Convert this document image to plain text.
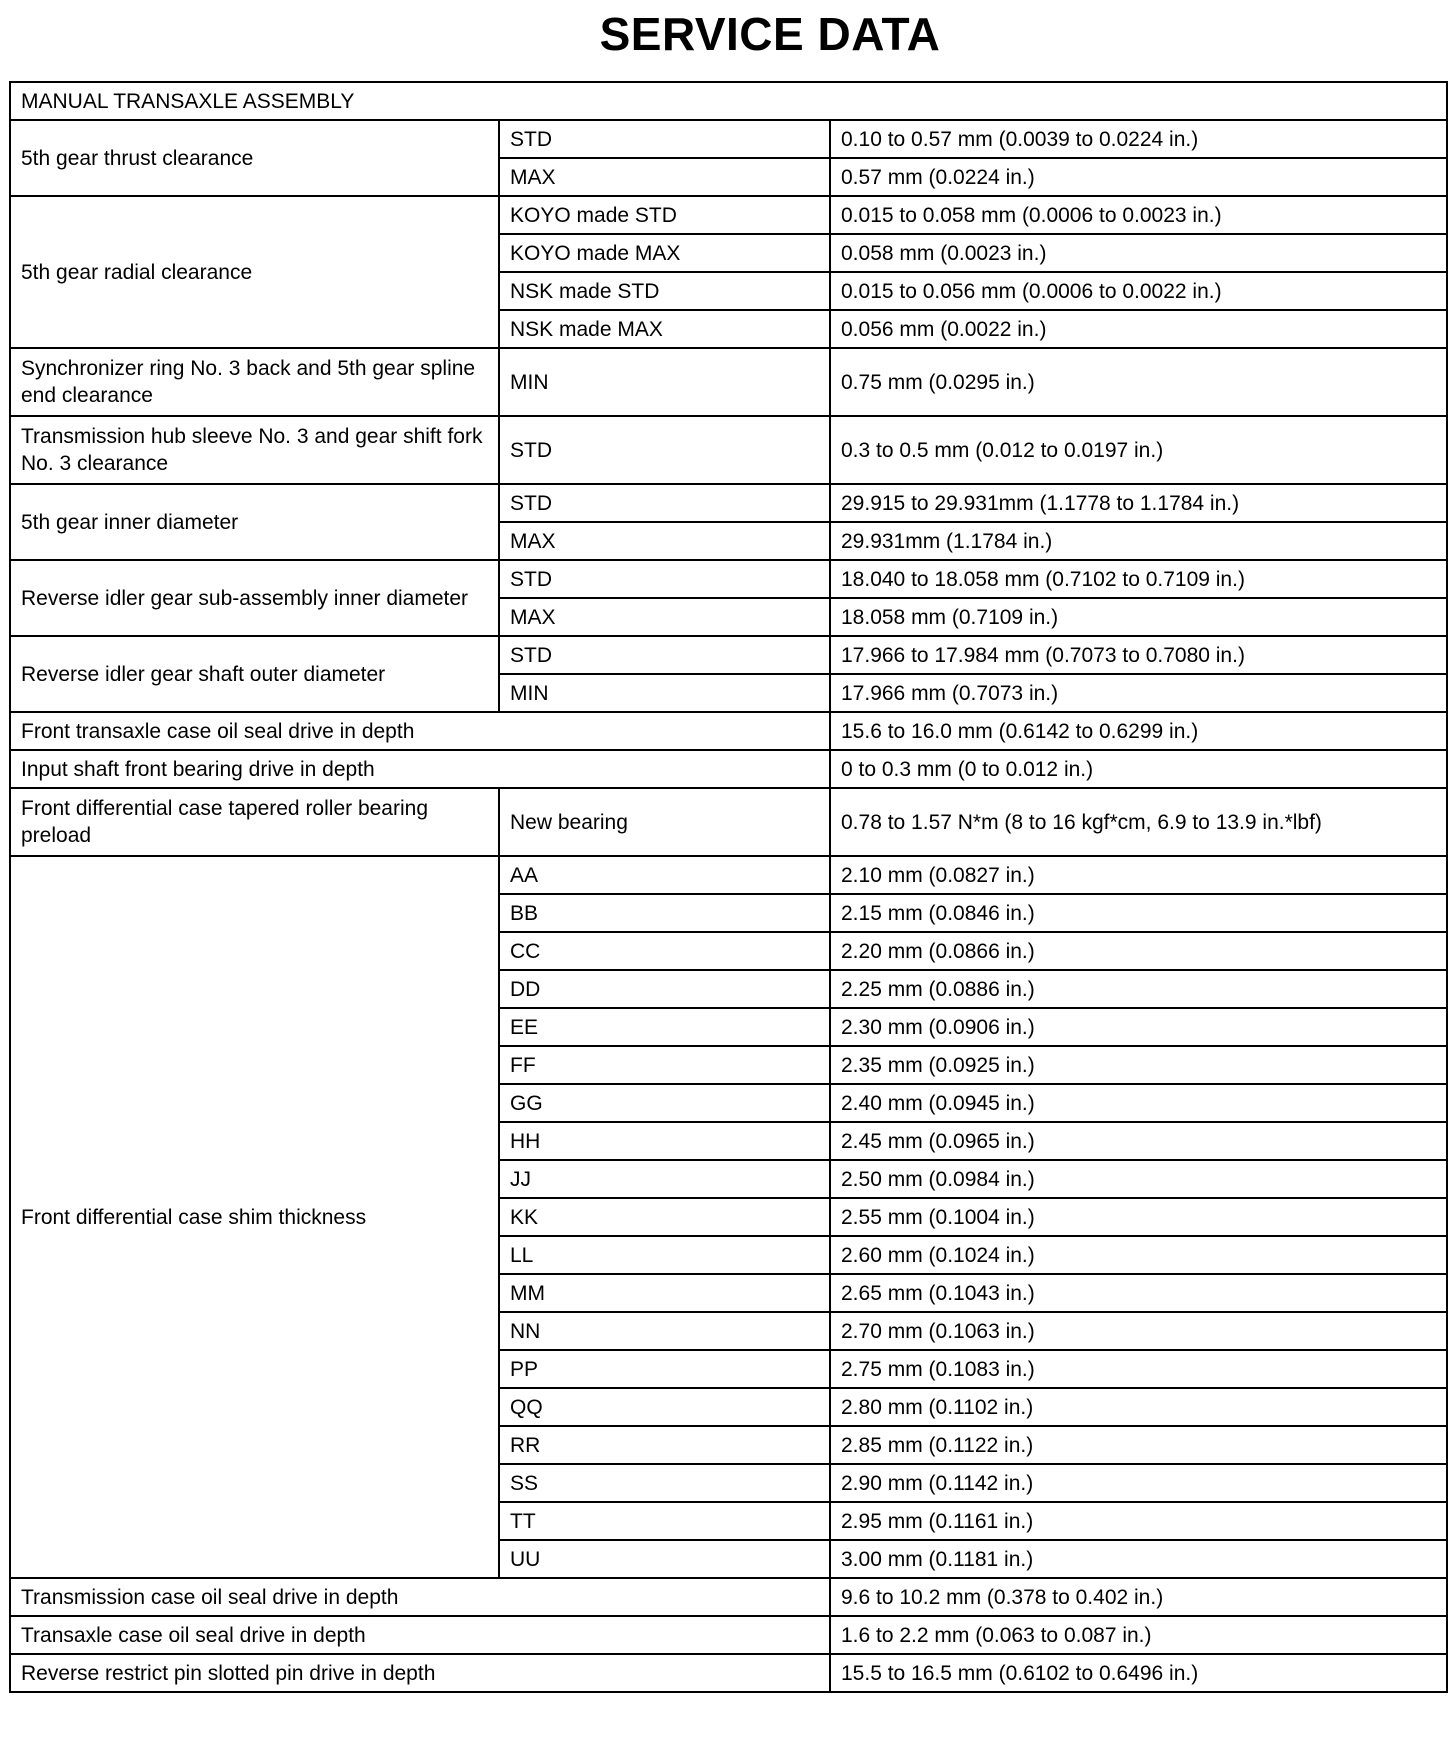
SERVICE DATA
MANUAL TRANSAXLE ASSEMBLY		
5th gear thrust clearance	STD	0.10 to 0.57 mm (0.0039 to 0.0224 in.)
	MAX	0.57 mm (0.0224 in.)
5th gear radial clearance	KOYO made STD	0.015 to 0.058 mm (0.0006 to 0.0023 in.)
	KOYO made MAX	0.058 mm (0.0023 in.)
	NSK made STD	0.015 to 0.056 mm (0.0006 to 0.0022 in.)
	NSK made MAX	0.056 mm (0.0022 in.)
Synchronizer ring No. 3 back and 5th gear spline end clearance	MIN	0.75 mm (0.0295 in.)
Transmission hub sleeve No. 3 and gear shift fork No. 3 clearance	STD	0.3 to 0.5 mm (0.012 to 0.0197 in.)
5th gear inner diameter	STD	29.915 to 29.931mm (1.1778 to 1.1784 in.)
	MAX	29.931mm (1.1784 in.)
Reverse idler gear sub-assembly inner diameter	STD	18.040 to 18.058 mm (0.7102 to 0.7109 in.)
	MAX	18.058 mm (0.7109 in.)
Reverse idler gear shaft outer diameter	STD	17.966 to 17.984 mm (0.7073 to 0.7080 in.)
	MIN	17.966 mm (0.7073 in.)
Front transaxle case oil seal drive in depth		15.6 to 16.0 mm (0.6142 to 0.6299 in.)
Input shaft front bearing drive in depth		0 to 0.3 mm (0 to 0.012 in.)
Front differential case tapered roller bearing preload	New bearing	0.78 to 1.57 N*m (8 to 16 kgf*cm, 6.9 to 13.9 in.*lbf)
Front differential case shim thickness	AA	2.10 mm (0.0827 in.)
	BB	2.15 mm (0.0846 in.)
	CC	2.20 mm (0.0866 in.)
	DD	2.25 mm (0.0886 in.)
	EE	2.30 mm (0.0906 in.)
	FF	2.35 mm (0.0925 in.)
	GG	2.40 mm (0.0945 in.)
	HH	2.45 mm (0.0965 in.)
	JJ	2.50 mm (0.0984 in.)
	KK	2.55 mm (0.1004 in.)
	LL	2.60 mm (0.1024 in.)
	MM	2.65 mm (0.1043 in.)
	NN	2.70 mm (0.1063 in.)
	PP	2.75 mm (0.1083 in.)
	QQ	2.80 mm (0.1102 in.)
	RR	2.85 mm (0.1122 in.)
	SS	2.90 mm (0.1142 in.)
	TT	2.95 mm (0.1161 in.)
	UU	3.00 mm (0.1181 in.)
Transmission case oil seal drive in depth		9.6 to 10.2 mm (0.378 to 0.402 in.)
Transaxle case oil seal drive in depth		1.6 to 2.2 mm (0.063 to 0.087 in.)
Reverse restrict pin slotted pin drive in depth		15.5 to 16.5 mm (0.6102 to 0.6496 in.)
